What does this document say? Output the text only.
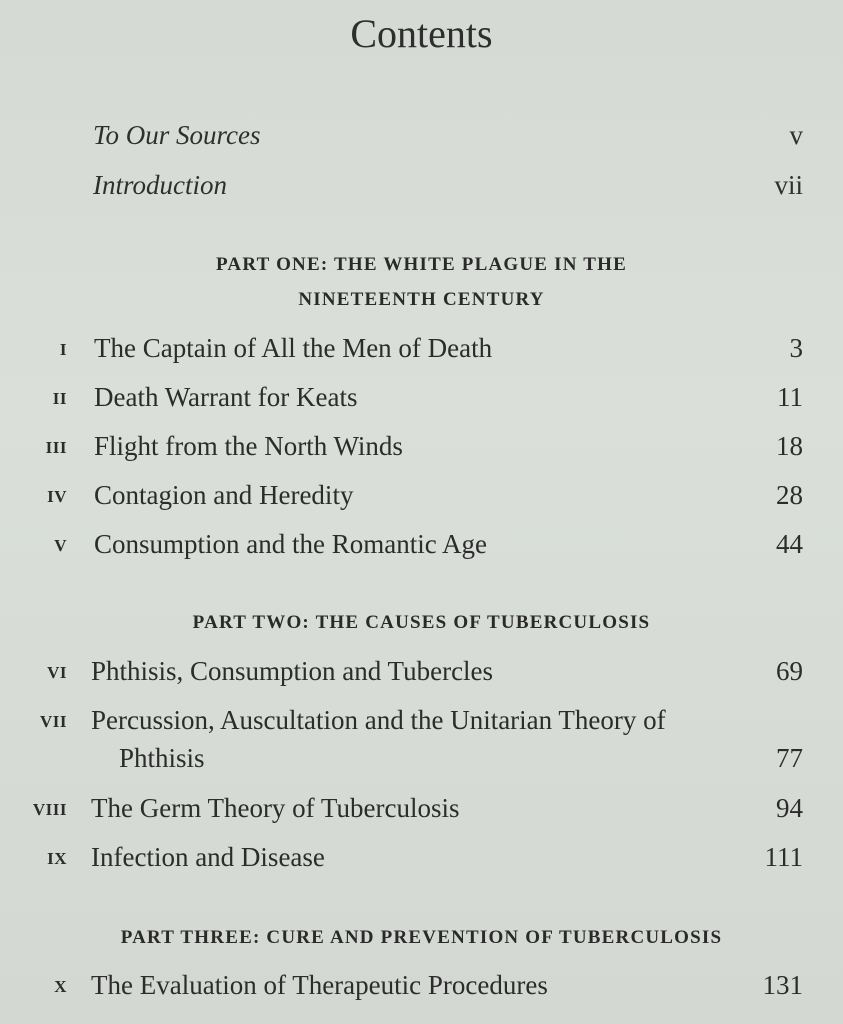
Contents
To Our Sources	v
Introduction	vii
PART ONE: THE WHITE PLAGUE IN THE
NINETEENTH CENTURY
I The Captain of All the Men of Death	3
II Death Warrant for Keats	11
III Flight from the North Winds	18
IV Contagion and Heredity	28
V Consumption and the Romantic Age	44
PART TWO: THE CAUSES OF TUBERCULOSIS
VI Phthisis, Consumption and Tubercles	69
VII Percussion, Auscultation and the Unitarian Theory of
Phthisis	77
VIII The Germ Theory of Tuberculosis	94
IX Infection and Disease	111
PART THREE: CURE AND PREVENTION OF TUBERCULOSIS
X The Evaluation of Therapeutic Procedures	131
